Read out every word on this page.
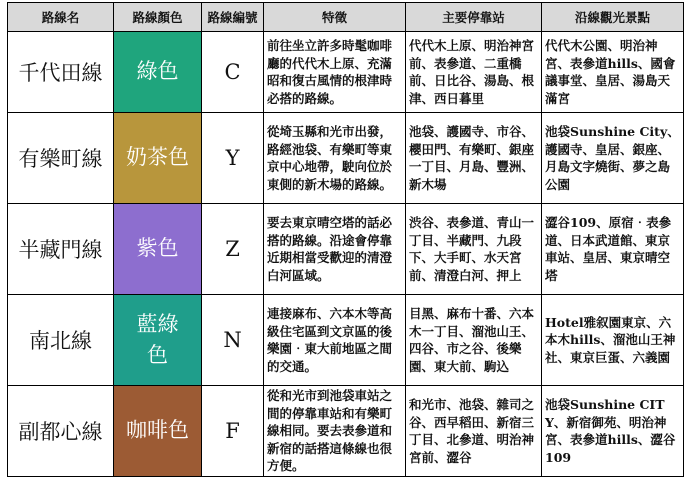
路線名	路線顏色	路線編號	特徵	主要停靠站	沿線觀光景點
千代田線	綠色	C	前往坐立許多時髦咖啡廳的代代木上原、充滿昭和復古風情的根津時必搭的路線。	代代木上原、明治神宮前、表參道、二重橋前、日比谷、湯島、根津、西日暮里	代代木公園、明治神宮、表參道hills、國會議事堂、皇居、湯島天滿宮
有樂町線	奶茶色	Y	從埼玉縣和光市出發，路經池袋、有樂町等東京中心地帶，駛向位於東側的新木場的路線。	池袋、護國寺、市谷、櫻田門、有樂町、銀座一丁目、月島、豐洲、新木場	池袋Sunshine City、護國寺、皇居、銀座、月島文字燒街、夢之島公園
半藏門線	紫色	Z	要去東京晴空塔的話必搭的路線。沿途會停靠近期相當受歡迎的清澄白河區域。	渋谷、表參道、青山一丁目、半藏門、九段下、大手町、水天宮前、清澄白河、押上	澀谷109、原宿‧表參道、日本武道館、東京車站、皇居、東京晴空塔
南北線	藍綠色	N	連接麻布、六本木等高級住宅區到文京區的後樂園‧東大前地區之間的交通。	目黑、麻布十番、六本木一丁目、溜池山王、四谷、市之谷、後樂園、東大前、駒込	Hotel雅叙園東京、六本木hills、溜池山王神社、東京巨蛋、六義園
副都心線	咖啡色	F	從和光市到池袋車站之間的停靠車站和有樂町線相同。要去表參道和新宿的話搭這條線也很方便。	和光市、池袋、雜司之谷、西早稻田、新宿三丁目、北參道、明治神宮前、澀谷	池袋Sunshine CITY、新宿御苑、明治神宮、表參道hills、澀谷109
